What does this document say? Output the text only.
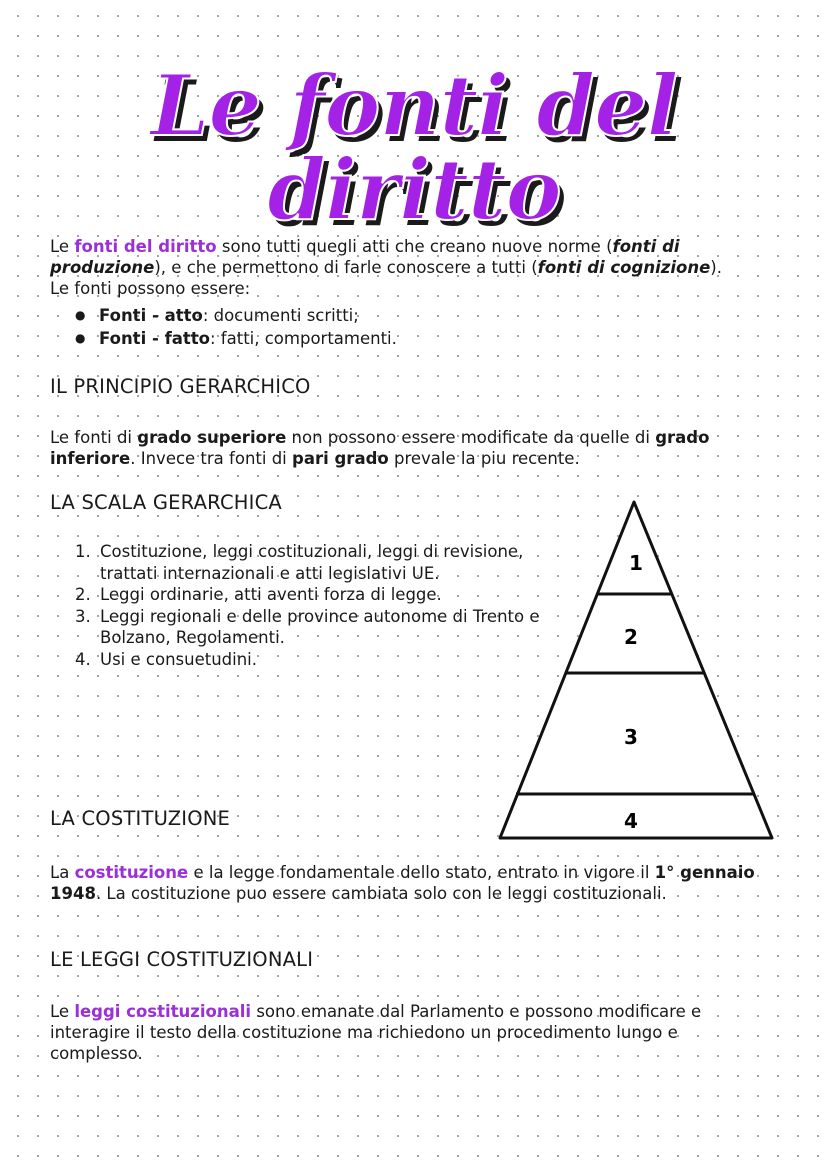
Le fonti del diritto

Le fonti del diritto sono tutti quegli atti che creano nuove norme (fonti di produzione), e che permettono di farle conoscere a tutti (fonti di cognizione).
Le fonti possono essere:

● Fonti - atto: documenti scritti;
● Fonti - fatto: fatti, comportamenti.
IL PRINCIPIO GERARCHICO

Le fonti di grado superiore non possono essere modificate da quelle di grado inferiore. Invece tra fonti di pari grado prevale la piu recente.

LA SCALA GERARCHICA
1. Costituzione, leggi costituzionali, leggi di revisione, trattati internazionali e atti legislativi UE.
2. Leggi ordinarie, atti aventi forza di legge.
3. Leggi regionali e delle province autonome di Trento e Bolzano, Regolamenti.
4. Usi e consuetudini.
1
2
3
4
LA COSTITUZIONE

La costituzione e la legge fondamentale dello stato, entrato in vigore il 1° gennaio 1948. La costituzione puo essere cambiata solo con le leggi costituzionali.

LE LEGGI COSTITUZIONALI

Le leggi costituzionali sono emanate dal Parlamento e possono modificare e interagire il testo della costituzione ma richiedono un procedimento lungo e complesso.
